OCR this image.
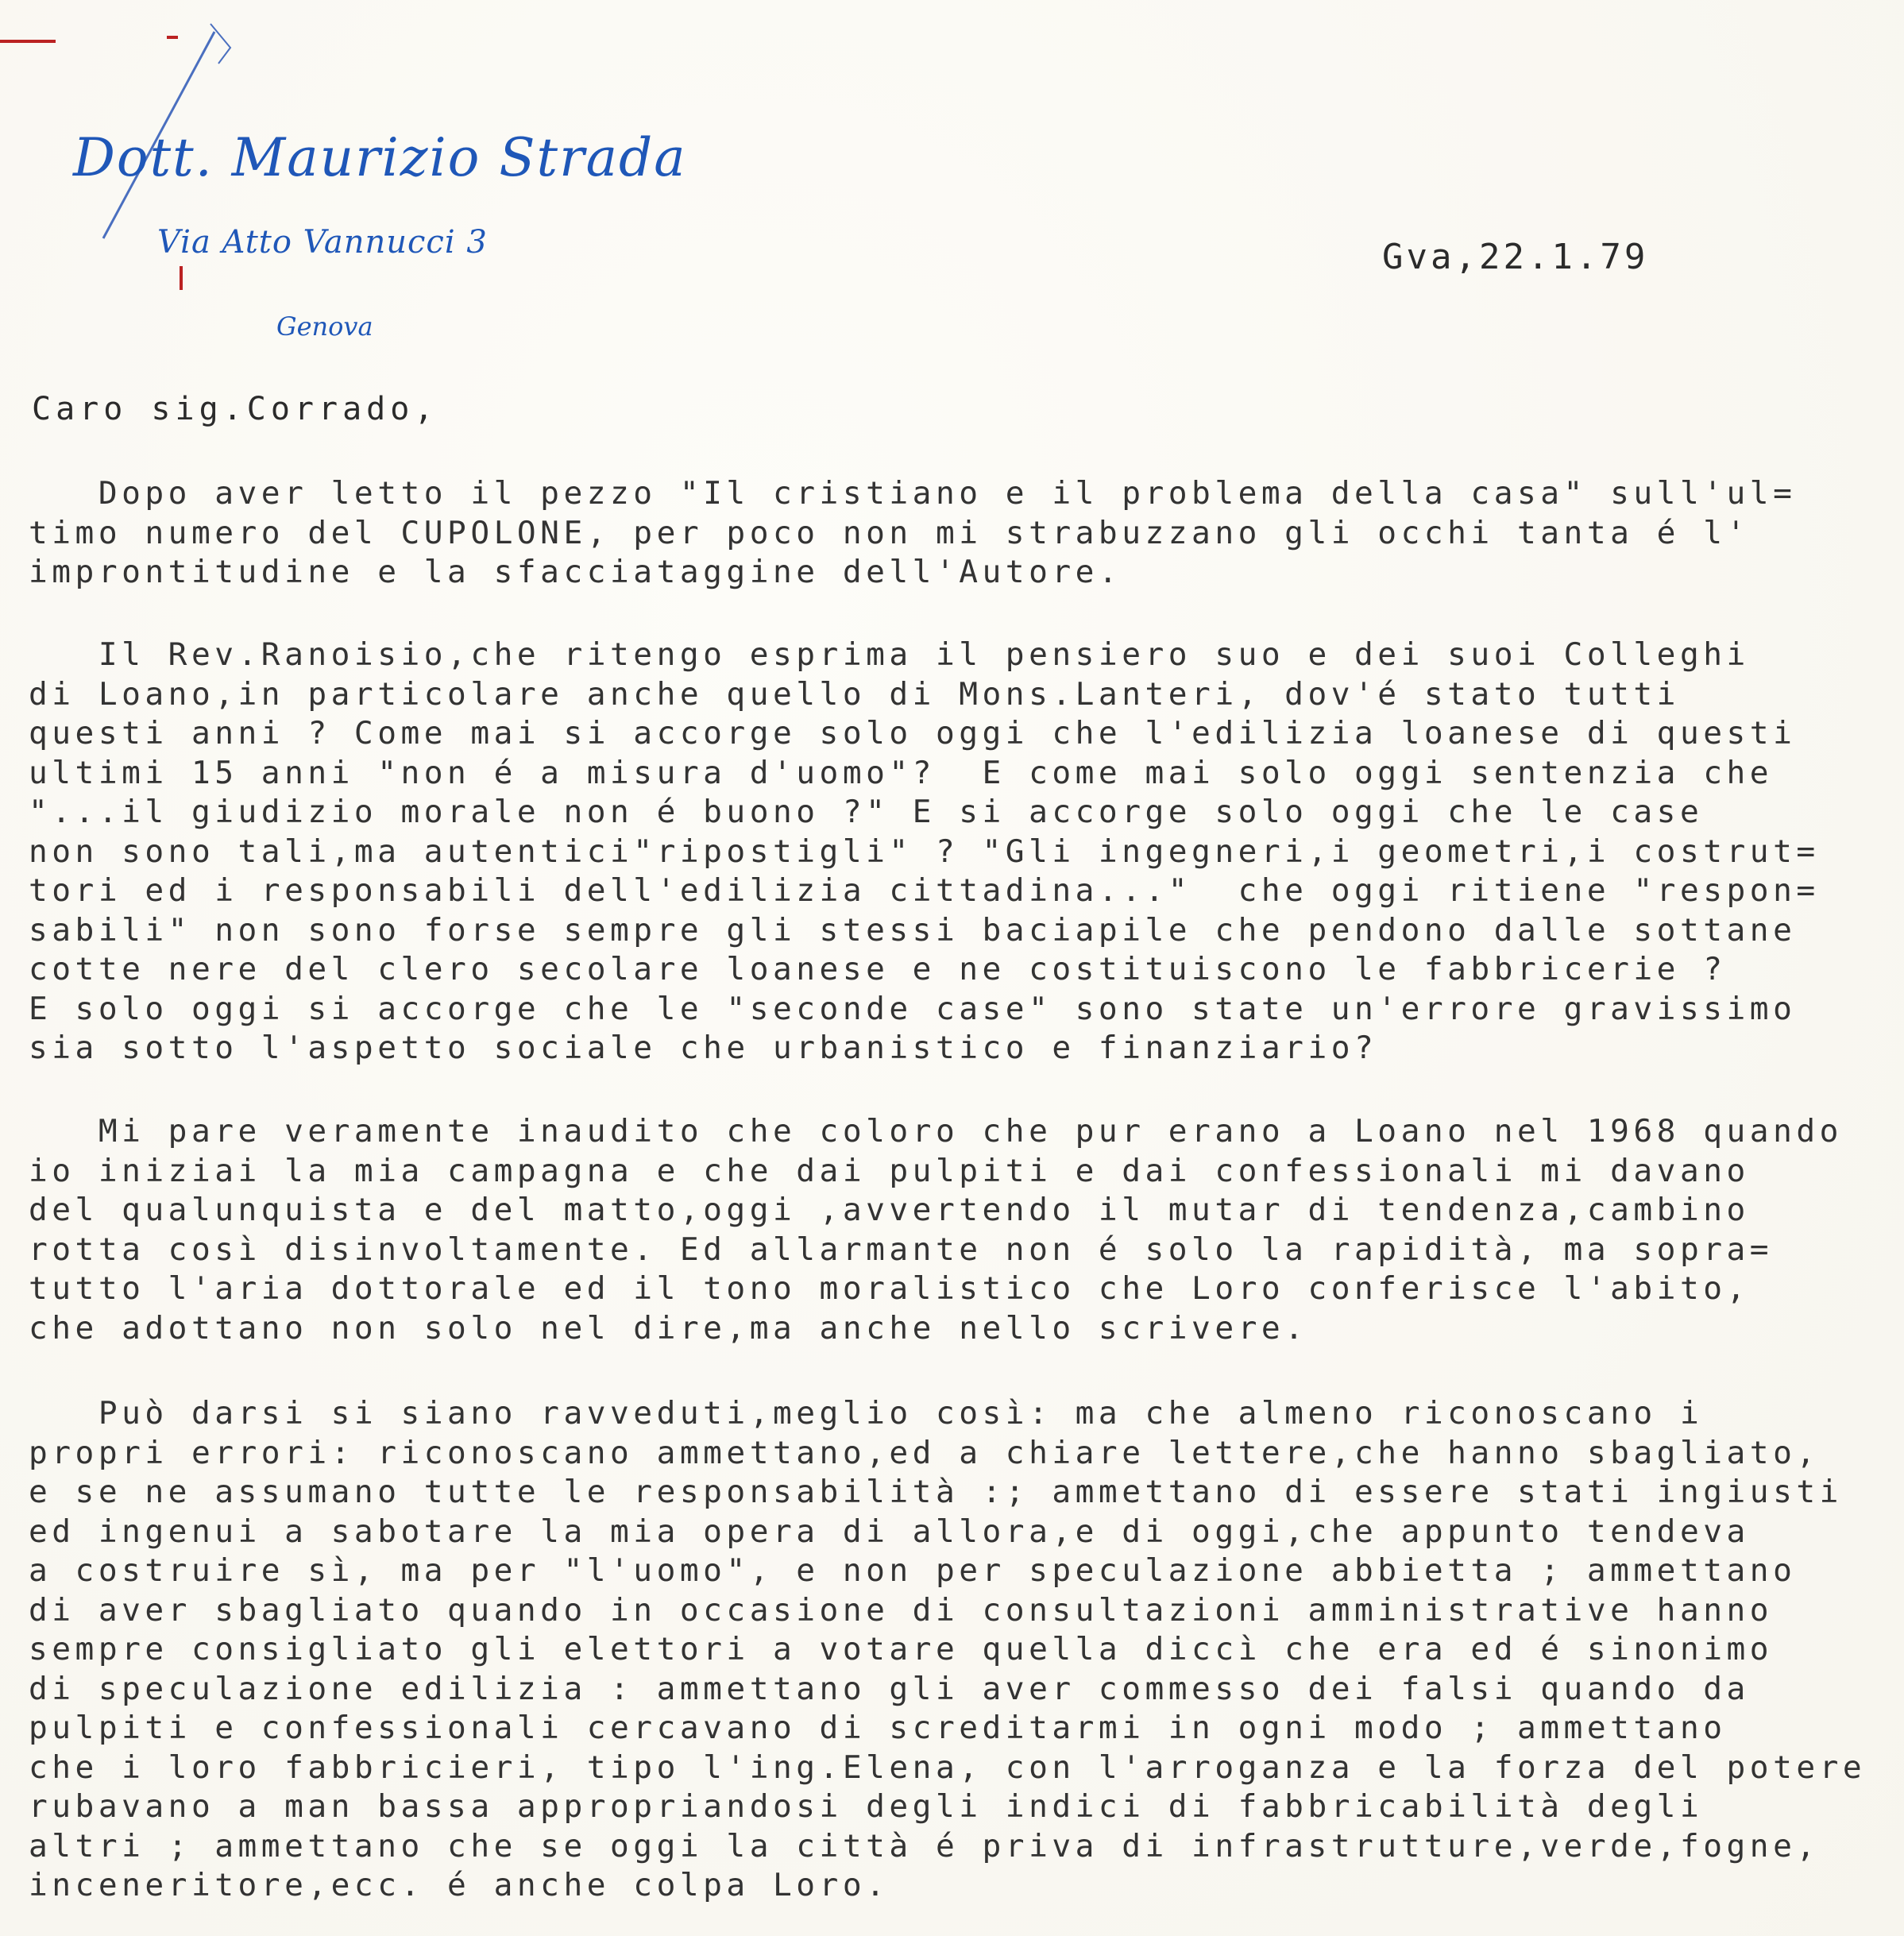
Dott. Maurizio Strada
Via Atto Vannucci 3
Genova
Gva,22.1.79
Caro sig.Corrado,
Dopo aver letto il pezzo "Il cristiano e il problema della casa" sull'ul=
timo numero del CUPOLONE, per poco non mi strabuzzano gli occhi tanta é l'
improntitudine e la sfacciataggine dell'Autore.
Il Rev.Ranoisio,che ritengo esprima il pensiero suo e dei suoi Colleghi
di Loano,in particolare anche quello di Mons.Lanteri, dov'é stato tutti
questi anni ? Come mai si accorge solo oggi che l'edilizia loanese di questi
ultimi 15 anni "non é a misura d'uomo"?  E come mai solo oggi sentenzia che
"...il giudizio morale non é buono ?" E si accorge solo oggi che le case
non sono tali,ma autentici"ripostigli" ? "Gli ingegneri,i geometri,i costrut=
tori ed i responsabili dell'edilizia cittadina..."  che oggi ritiene "respon=
sabili" non sono forse sempre gli stessi baciapile che pendono dalle sottane
cotte nere del clero secolare loanese e ne costituiscono le fabbricerie ?
E solo oggi si accorge che le "seconde case" sono state un'errore gravissimo
sia sotto l'aspetto sociale che urbanistico e finanziario?
Mi pare veramente inaudito che coloro che pur erano a Loano nel 1968 quando
io iniziai la mia campagna e che dai pulpiti e dai confessionali mi davano
del qualunquista e del matto,oggi ,avvertendo il mutar di tendenza,cambino
rotta così disinvoltamente. Ed allarmante non é solo la rapidità, ma sopra=
tutto l'aria dottorale ed il tono moralistico che Loro conferisce l'abito,
che adottano non solo nel dire,ma anche nello scrivere.
Può darsi si siano ravveduti,meglio così: ma che almeno riconoscano i
propri errori: riconoscano ammettano,ed a chiare lettere,che hanno sbagliato,
e se ne assumano tutte le responsabilità :; ammettano di essere stati ingiusti
ed ingenui a sabotare la mia opera di allora,e di oggi,che appunto tendeva
a costruire sì, ma per "l'uomo", e non per speculazione abbietta ; ammettano
di aver sbagliato quando in occasione di consultazioni amministrative hanno
sempre consigliato gli elettori a votare quella diccì che era ed é sinonimo
di speculazione edilizia : ammettano gli aver commesso dei falsi quando da
pulpiti e confessionali cercavano di screditarmi in ogni modo ; ammettano
che i loro fabbricieri, tipo l'ing.Elena, con l'arroganza e la forza del potere
rubavano a man bassa appropriandosi degli indici di fabbricabilità degli
altri ; ammettano che se oggi la città é priva di infrastrutture,verde,fogne,
inceneritore,ecc. é anche colpa Loro.
